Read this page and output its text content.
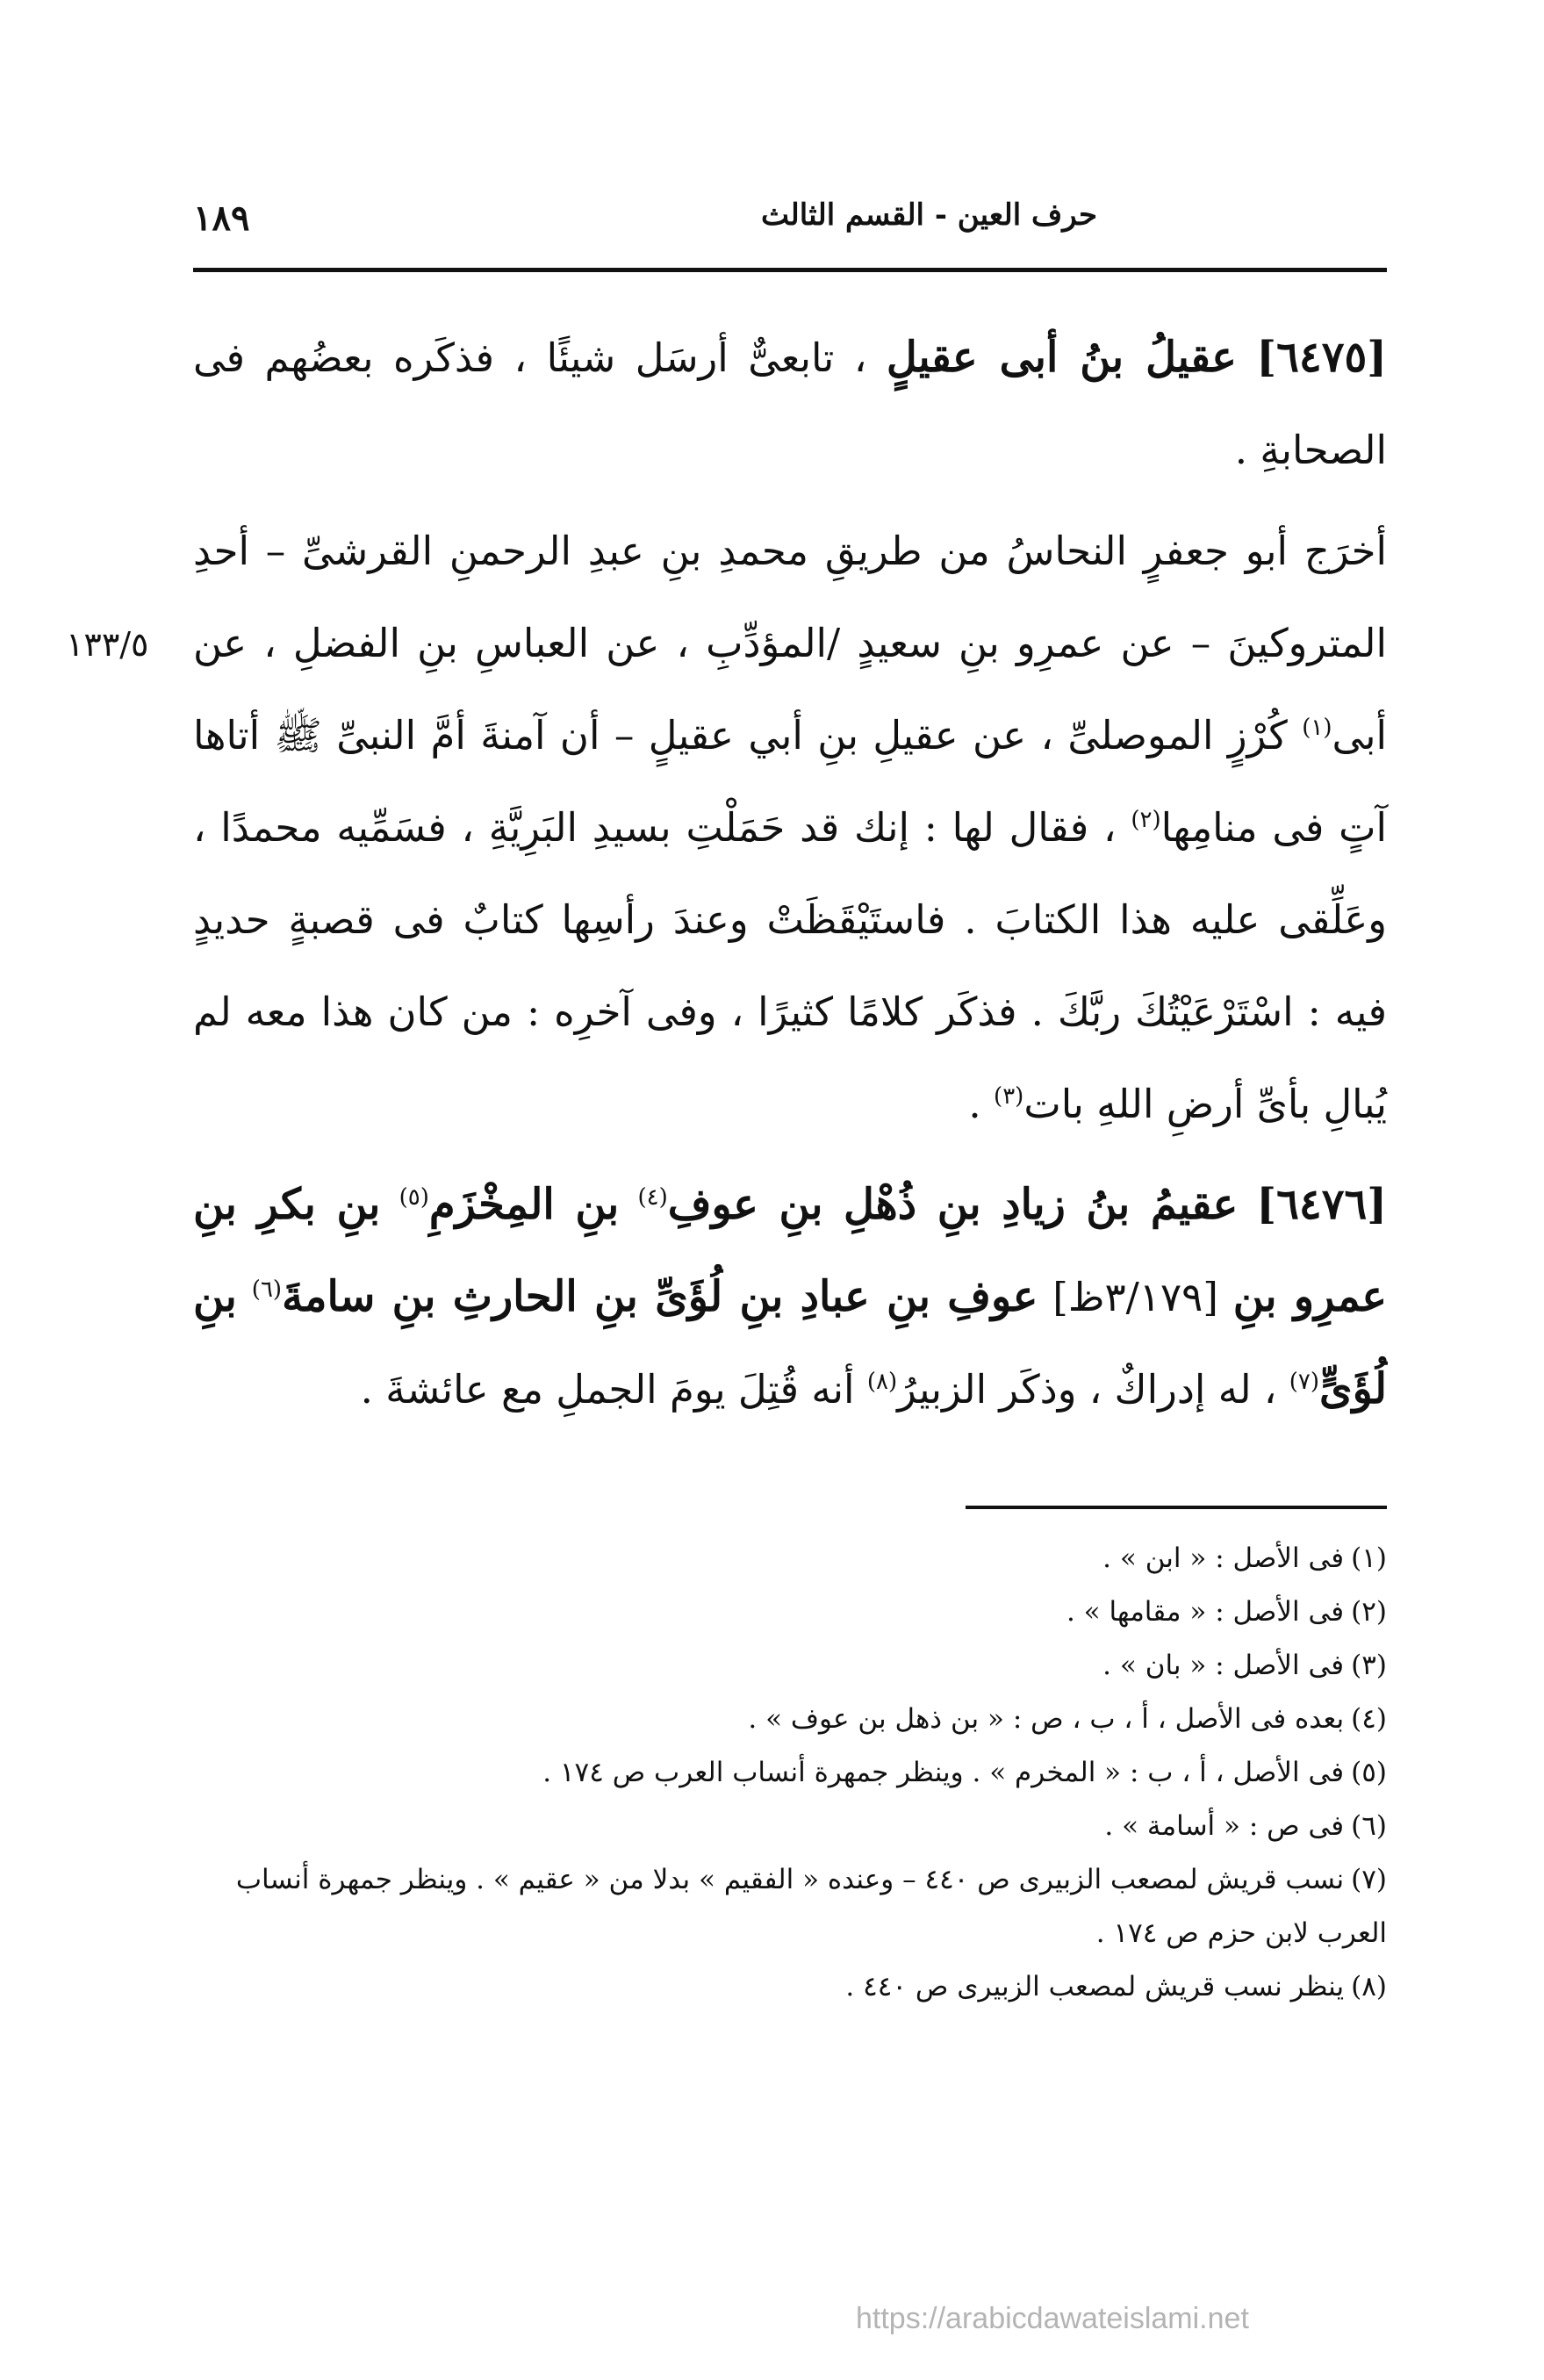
حرف العين - القسم الثالث
١٨٩

[٦٤٧٥] عقيلُ بنُ أبى عقيلٍ ، تابعىٌّ أرسَل شيئًا ، فذكَره بعضُهم فى الصحابةِ .

أخرَج أبو جعفرٍ النحاسُ من طريقِ محمدِ بنِ عبدِ الرحمنِ القرشىِّ – أحدِ المتروكينَ – عن عمرِو بنِ سعيدٍ /المؤدِّبِ ، عن العباسِ بنِ الفضلِ ، عن أبى$^{(١)}$ كُرْزٍ الموصلىِّ ، عن عقيلِ بنِ أبي عقيلٍ – أن آمنةَ أمَّ النبىِّ ﷺ أتاها آتٍ فى منامِها$^{(٢)}$ ، فقال لها : إنك قد حَمَلْتِ بسيدِ البَرِيَّةِ ، فسَمِّيه محمدًا ، وعَلِّقى عليه هذا الكتابَ . فاستَيْقَظَتْ وعندَ رأسِها كتابٌ فى قصبةٍ حديدٍ فيه : اسْتَرْعَيْتُكَ ربَّكَ . فذكَر كلامًا كثيرًا ، وفى آخرِه : من كان هذا معه لم يُبالِ بأىِّ أرضِ اللهِ بات$^{(٣)}$ .

[٦٤٧٦] عقيمُ بنُ زيادِ بنِ ذُهْلِ بنِ عوفِ$^{(٤)}$ بنِ المِخْزَمِ$^{(٥)}$ بنِ بكرِ بنِ عمرِو بنِ [٣/١٧٩ظ] عوفِ بنِ عبادِ بنِ لُؤَىِّ بنِ الحارثِ بنِ سامةَ$^{(٦)}$ بنِ لُؤَىٍّ$^{(٧)}$ ، له إدراكٌ ، وذكَر الزبيرُ$^{(٨)}$ أنه قُتِلَ يومَ الجملِ مع عائشةَ .

١٣٣/٥

(١)فى الأصل : « ابن » .

(٢)فى الأصل : « مقامها » .

(٣)فى الأصل : « بان » .

(٤)بعده فى الأصل ، أ ، ب ، ص : « بن ذهل بن عوف » .

(٥)فى الأصل ، أ ، ب : « المخرم » . وينظر جمهرة أنساب العرب ص ١٧٤ .

(٦)فى ص : « أسامة » .

(٧)نسب قريش لمصعب الزبيرى ص ٤٤٠ – وعنده « الفقيم » بدلا من « عقيم » . وينظر جمهرة أنساب العرب لابن حزم ص ١٧٤ .

(٨)ينظر نسب قريش لمصعب الزبيرى ص ٤٤٠ .

https://arabicdawateislami.net
